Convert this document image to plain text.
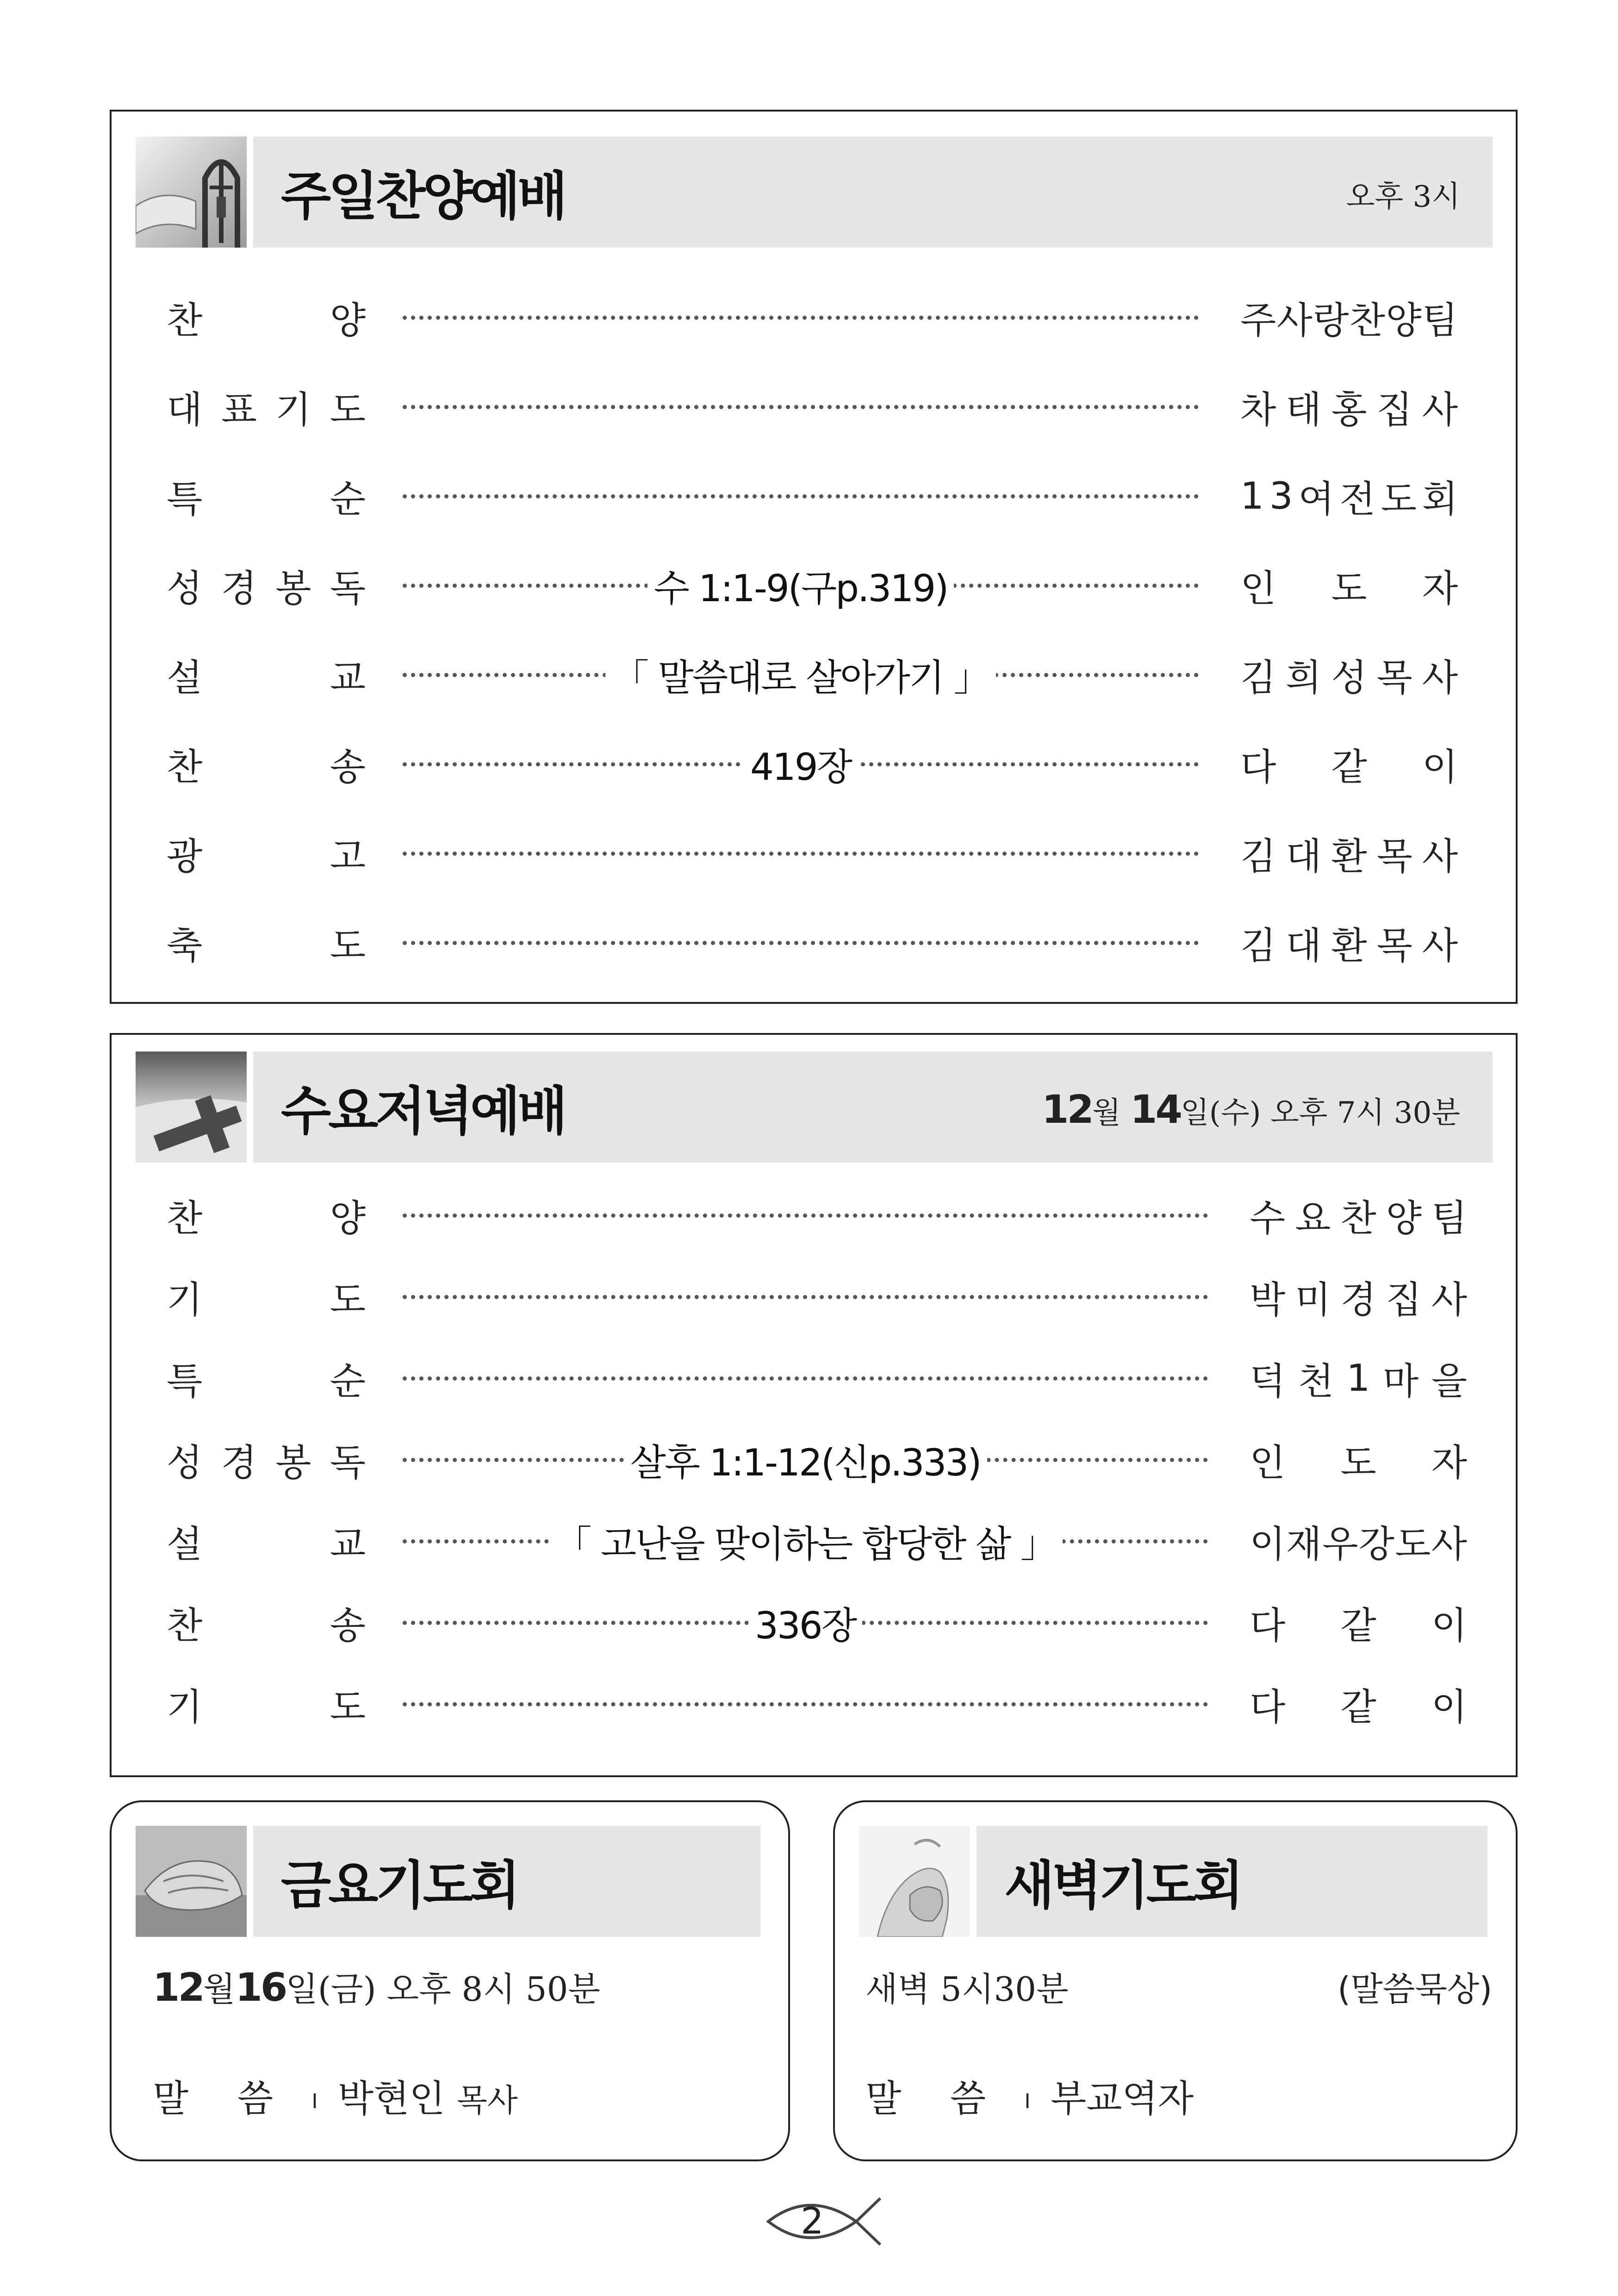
주일찬양예배	오후 3시
찬	양	주 사 랑 찬 양 팀
대 표 기 도	차 태 홍 집 사
특	순	1 3 여 전 도 회
성 경 봉 독	수 1:1-9(구p.319)	인 도 자
설	교	「 말씀대로 살아가기 」	김 희 성 목 사
찬	송	419장	다 같 이
광	고	김 대 환 목 사
축	도	김 대 환 목 사
수요저녁예배	12월 14일(수) 오후 7시 30분
찬	양	수 요 찬 양 팀
기	도	박 미 경 집 사
특	순	덕 천 1 마 을
성 경 봉 독	살후 1:1-12(신p.333)	인 도 자
설	교	「 고난을 맞이하는 합당한 삶 」	이 재 우 강 도 사
찬	송	336장	다 같 이
기	도	다 같 이
금요기도회
12월16일(금) 오후 8시 50분
말 씀 I 박현인 목사
새벽기도회
새벽 5시30분	(말씀묵상)
말 씀 I 부교역자
2
